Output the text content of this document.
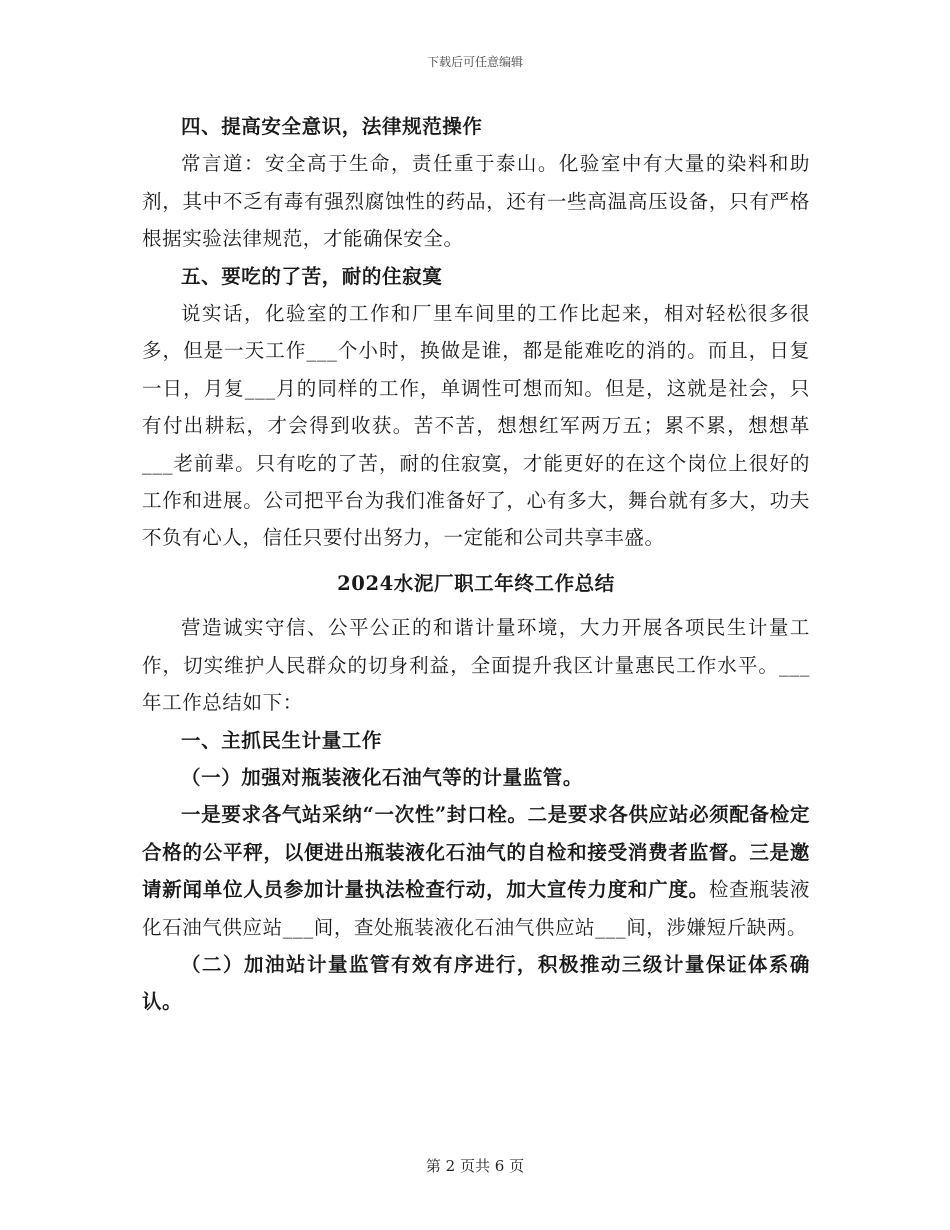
下载后可任意编辑

四、提高安全意识，法律规范操作

常言道：安全高于生命，责任重于泰山。化验室中有大量的染料和助剂，其中不乏有毒有强烈腐蚀性的药品，还有一些高温高压设备，只有严格根据实验法律规范，才能确保安全。

五、要吃的了苦，耐的住寂寞

说实话，化验室的工作和厂里车间里的工作比起来，相对轻松很多很多，但是一天工作___个小时，换做是谁，都是能难吃的消的。而且，日复一日，月复___月的同样的工作，单调性可想而知。但是，这就是社会，只有付出耕耘，才会得到收获。苦不苦，想想红军两万五；累不累，想想革___老前辈。只有吃的了苦，耐的住寂寞，才能更好的在这个岗位上很好的工作和进展。公司把平台为我们准备好了，心有多大，舞台就有多大，功夫不负有心人，信任只要付出努力，一定能和公司共享丰盛。

2024水泥厂职工年终工作总结

营造诚实守信、公平公正的和谐计量环境，大力开展各项民生计量工作，切实维护人民群众的切身利益，全面提升我区计量惠民工作水平。___年工作总结如下：

一、主抓民生计量工作

（一）加强对瓶装液化石油气等的计量监管。

一是要求各气站采纳“一次性”封口栓。二是要求各供应站必须配备检定合格的公平秤，以便进出瓶装液化石油气的自检和接受消费者监督。三是邀请新闻单位人员参加计量执法检查行动，加大宣传力度和广度。检查瓶装液化石油气供应站___间，查处瓶装液化石油气供应站___间，涉嫌短斤缺两。

（二）加油站计量监管有效有序进行，积极推动三级计量保证体系确认。

第 2 页共 6 页
